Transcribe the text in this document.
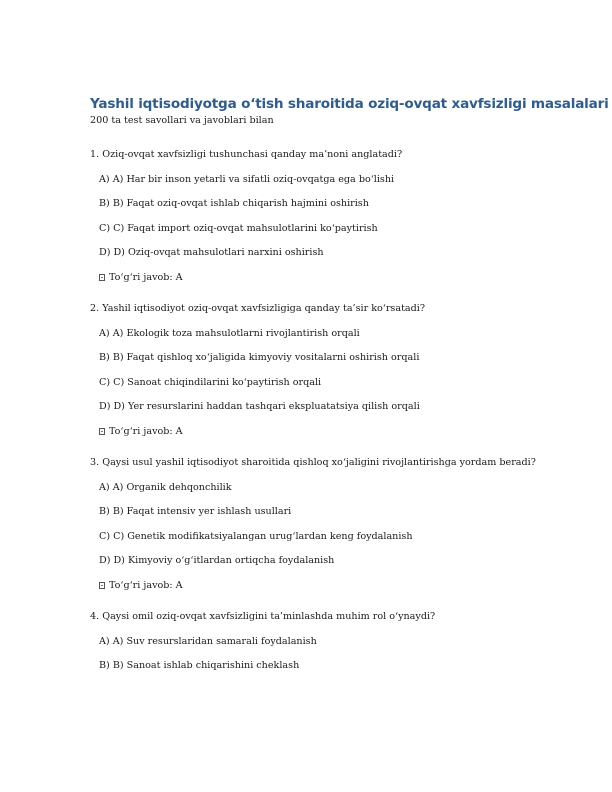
Yashil iqtisodiyotga o‘tish sharoitida oziq-ovqat xavfsizligi masalalari

200 ta test savollari va javoblari bilan

1. Oziq-ovqat xavfsizligi tushunchasi qanday ma’noni anglatadi?
A) A) Har bir inson yetarli va sifatli oziq-ovqatga ega bo‘lishi
B) B) Faqat oziq-ovqat ishlab chiqarish hajmini oshirish
C) C) Faqat import oziq-ovqat mahsulotlarini ko‘paytirish
D) D) Oziq-ovqat mahsulotlari narxini oshirish
To‘g‘ri javob: A
2. Yashil iqtisodiyot oziq-ovqat xavfsizligiga qanday ta’sir ko‘rsatadi?
A) A) Ekologik toza mahsulotlarni rivojlantirish orqali
B) B) Faqat qishloq xo‘jaligida kimyoviy vositalarni oshirish orqali
C) C) Sanoat chiqindilarini ko‘paytirish orqali
D) D) Yer resurslarini haddan tashqari ekspluatatsiya qilish orqali
To‘g‘ri javob: A
3. Qaysi usul yashil iqtisodiyot sharoitida qishloq xo‘jaligini rivojlantirishga yordam beradi?
A) A) Organik dehqonchilik
B) B) Faqat intensiv yer ishlash usullari
C) C) Genetik modifikatsiyalangan urug‘lardan keng foydalanish
D) D) Kimyoviy o‘g‘itlardan ortiqcha foydalanish
To‘g‘ri javob: A
4. Qaysi omil oziq-ovqat xavfsizligini ta’minlashda muhim rol o‘ynaydi?
A) A) Suv resurslaridan samarali foydalanish
B) B) Sanoat ishlab chiqarishini cheklash
